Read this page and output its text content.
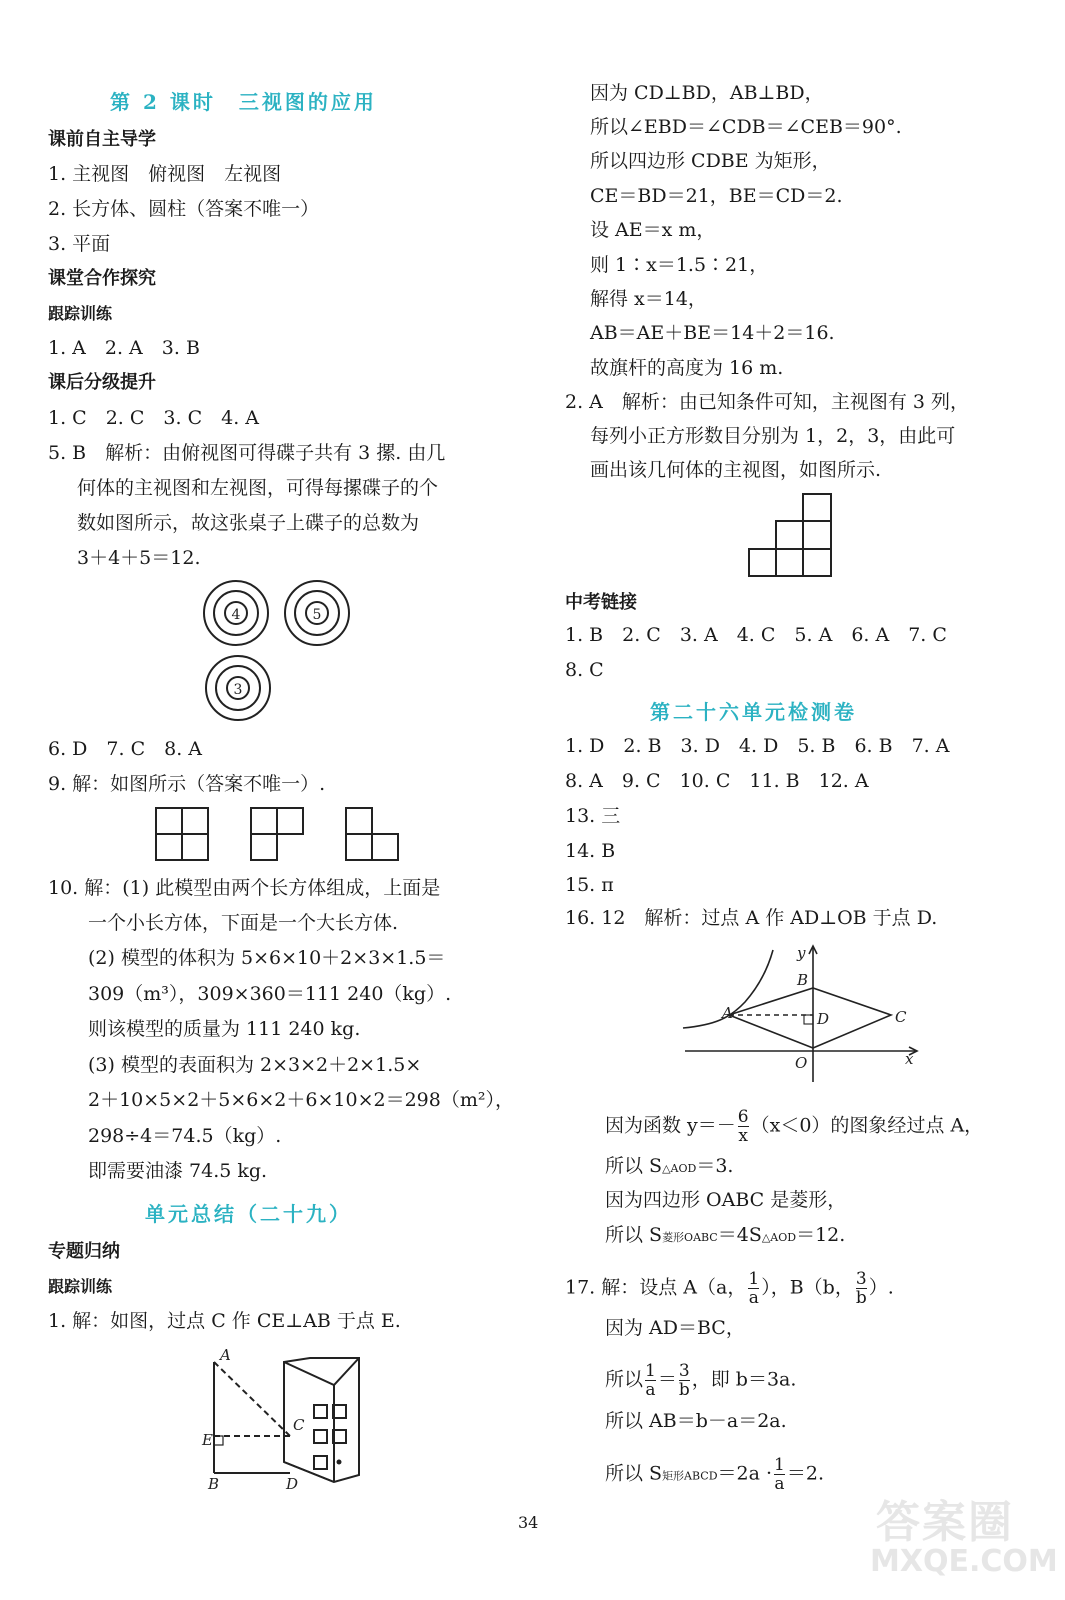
第 2 课时　三视图的应用
课前自主导学
1. 主视图　俯视图　左视图
2. 长方体、圆柱（答案不唯一）
3. 平面
课堂合作探究
跟踪训练
1. A　2. A　3. B
课后分级提升
1. C　2. C　3. C　4. A
5. B　解析：由俯视图可得碟子共有 3 摞. 由几
何体的主视图和左视图，可得每摞碟子的个
数如图所示，故这张桌子上碟子的总数为
3＋4＋5＝12.
4	5
3
A
E
B
C
D
6. D　7. C　8. A
9. 解：如图所示（答案不唯一）.
10. 解：(1) 此模型由两个长方体组成，上面是
一个小长方体，下面是一个大长方体.
(2) 模型的体积为 5×6×10＋2×3×1.5＝
309（m³），309×360＝111 240（kg）.
则该模型的质量为 111 240 kg.
(3) 模型的表面积为 2×3×2＋2×1.5×
2＋10×5×2＋5×6×2＋6×10×2＝298（m²），
298÷4＝74.5（kg）.
即需要油漆 74.5 kg.
单元总结（二十九）
专题归纳
跟踪训练
1. 解：如图，过点 C 作 CE⊥AB 于点 E.
因为 CD⊥BD，AB⊥BD，
所以∠EBD＝∠CDB＝∠CEB＝90°.
所以四边形 CDBE 为矩形，
CE＝BD＝21，BE＝CD＝2.
设 AE＝x m，
则 1∶x＝1.5∶21，
解得 x＝14，
AB＝AE＋BE＝14＋2＝16.
故旗杆的高度为 16 m.
2. A　解析：由已知条件可知，主视图有 3 列，
每列小正方形数目分别为 1，2，3，由此可
画出该几何体的主视图，如图所示.
y
B
A	D	C
O	x
中考链接
1. B　2. C　3. A　4. C　5. A　6. A　7. C
8. C
第二十六单元检测卷
1. D　2. B　3. D　4. D　5. B　6. B　7. A
8. A　9. C　10. C　11. B　12. A
13. 三
14. B
15. π
16. 12　解析：过点 A 作 AD⊥OB 于点 D.
因为函数 $y=- \frac{6}{x} (x<0)$的图象经过点 A，
所以 S△AOD＝3.
因为四边形 OABC 是菱形，
所以 S菱形OABC＝4S△AOD＝12.
17. 解：设点 A（a， $\frac{1}{a}$ ），B（b， $\frac{3}{b}$ ）.
因为 AD＝BC，
所以 $\frac{1}{a} = \frac{3}{b}$ ，即 b＝3a.
所以 AB＝b－a＝2a.
所以 S矩形ABCD＝2a · $\frac{1}{a} =2$.
34	答案圈
MXQE.COM
